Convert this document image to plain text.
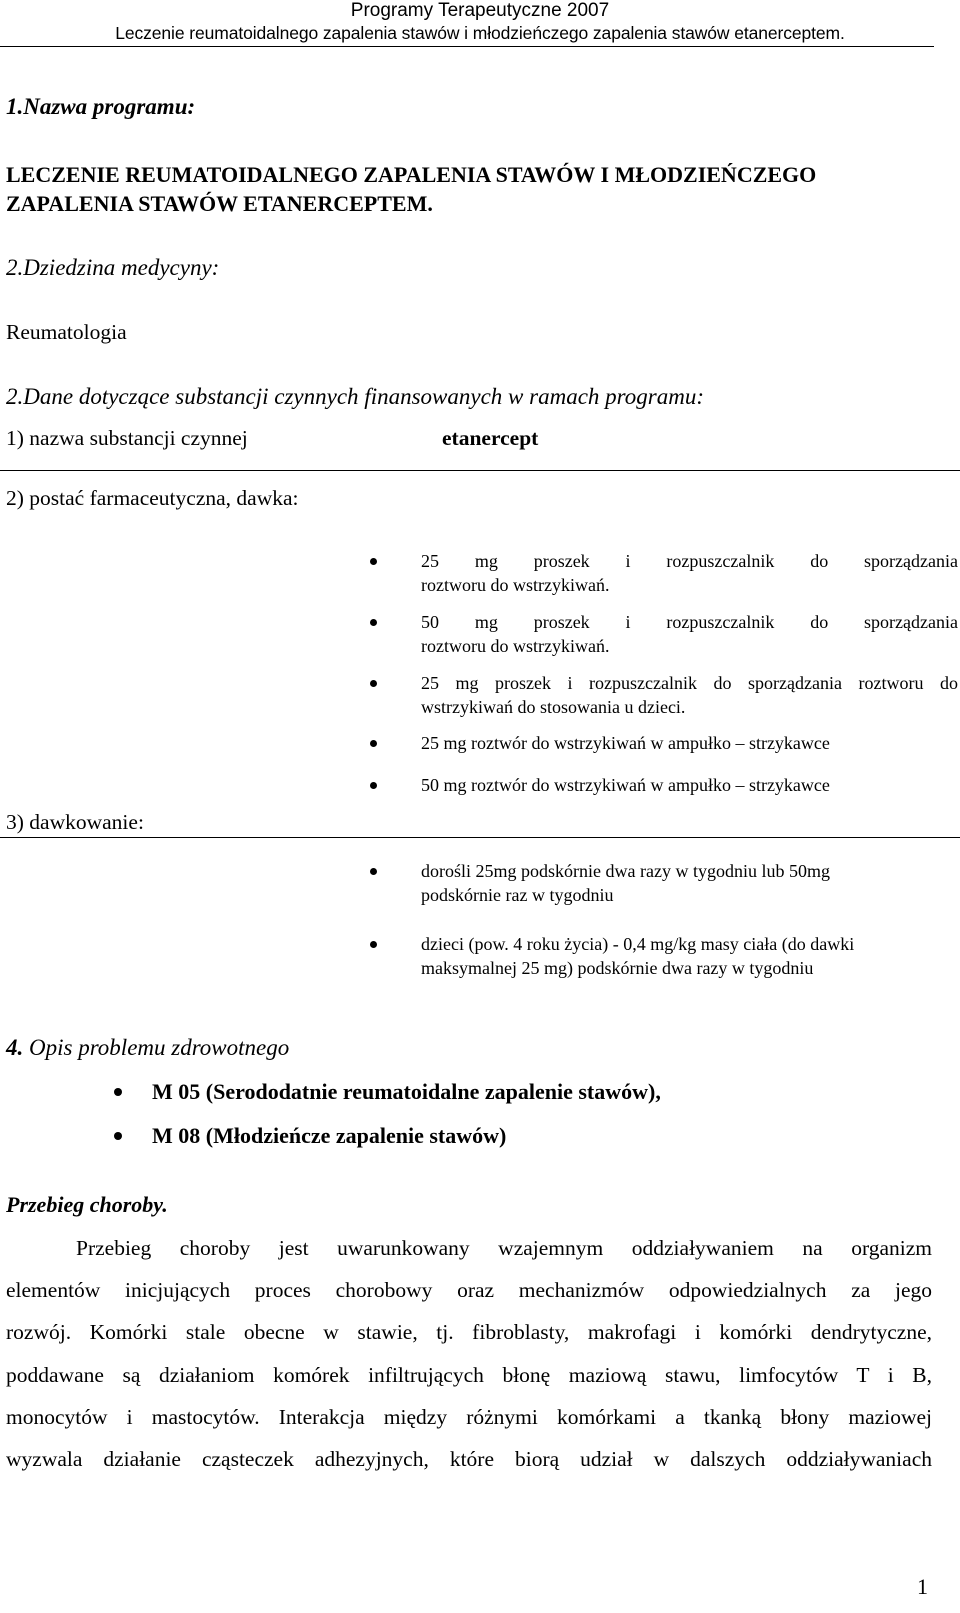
Programy Terapeutyczne 2007
Leczenie reumatoidalnego zapalenia stawów i młodzieńczego zapalenia stawów etanerceptem.
1.Nazwa programu:
LECZENIE REUMATOIDALNEGO ZAPALENIA STAWÓW I MŁODZIEŃCZEGO
ZAPALENIA STAWÓW ETANERCEPTEM.
2.Dziedzina medycyny:
Reumatologia
2.Dane dotyczące substancji czynnych finansowanych w ramach programu:
1) nazwa substancji czynnej	etanercept
2) postać farmaceutyczna, dawka:
25 mg proszek i rozpuszczalnik do sporządzania
roztworu do wstrzykiwań.
50 mg proszek i rozpuszczalnik do sporządzania
roztworu do wstrzykiwań.
25 mg proszek i rozpuszczalnik do sporządzania roztworu do
wstrzykiwań do stosowania u dzieci.
25 mg roztwór do wstrzykiwań w ampułko – strzykawce
50 mg roztwór do wstrzykiwań w ampułko – strzykawce
3) dawkowanie:
dorośli 25mg podskórnie dwa razy w tygodniu lub 50mg
podskórnie raz w tygodniu
dzieci (pow. 4 roku życia) - 0,4 mg/kg masy ciała (do dawki
maksymalnej 25 mg) podskórnie dwa razy w tygodniu
4. Opis problemu zdrowotnego
M 05 (Serododatnie reumatoidalne zapalenie stawów),
M 08 (Młodzieńcze zapalenie stawów)
Przebieg choroby.
Przebieg choroby jest uwarunkowany wzajemnym oddziaływaniem na organizm
elementów inicjujących proces chorobowy oraz mechanizmów odpowiedzialnych za jego
rozwój. Komórki stale obecne w stawie, tj. fibroblasty, makrofagi i komórki dendrytyczne,
poddawane są działaniom komórek infiltrujących błonę maziową stawu, limfocytów T i B,
monocytów i mastocytów. Interakcja między różnymi komórkami a tkanką błony maziowej
wyzwala działanie cząsteczek adhezyjnych, które biorą udział w dalszych oddziaływaniach
1
